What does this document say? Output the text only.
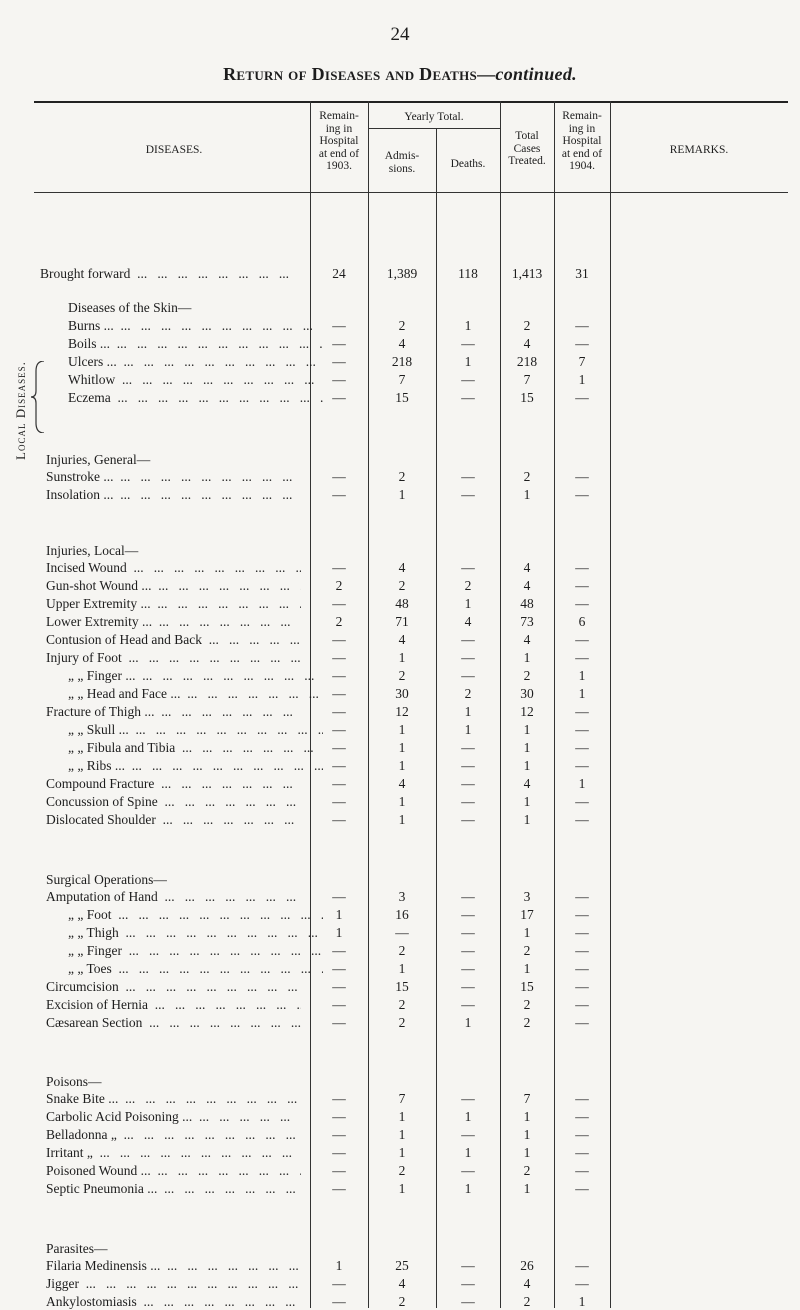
24
Return of Diseases and Deaths—continued.
DISEASES.
Remain-
ing in
Hospital
at end of
1903.
Yearly Total.
Admis-
sions.	Deaths.
Total
Cases
Treated.
Remain-
ing in
Hospital
at end of
1904.
REMARKS.
Local Diseases.
Brought forward ...	24	1,389	118	1,413	31
Diseases of the Skin—
Burns ... ...	—	2	1	2	—
Boils ... ...	—	4	—	4	—
Ulcers ... ...	—	218	1	218	7
Whitlow ...	—	7	—	7	1
Eczema ...	—	15	—	15	—
Injuries, General—
Sunstroke ... ...	—	2	—	2	—
Insolation ... ...	—	1	—	1	—
Injuries, Local—
Incised Wound ...	—	4	—	4	—
Gun-shot Wound ... ...	2	2	2	4	—
Upper Extremity ... ...	—	48	1	48	—
Lower Extremity ... ...	2	71	4	73	6
Contusion of Head and Back ...	—	4	—	4	—
Injury of Foot ...	—	1	—	1	—
„ „ Finger ... ...	—	2	—	2	1
„ „ Head and Face ... ...	—	30	2	30	1
Fracture of Thigh ... ...	—	12	1	12	—
„ „ Skull ... ...	—	1	1	1	—
„ „ Fibula and Tibia ...	—	1	—	1	—
„ „ Ribs ... ...	—	1	—	1	—
Compound Fracture ...	—	4	—	4	1
Concussion of Spine ...	—	1	—	1	—
Dislocated Shoulder ...	—	1	—	1	—
Surgical Operations—
Amputation of Hand ...	—	3	—	3	—
„ „ Foot ...	1	16	—	17	—
„ „ Thigh ...	1	—	—	1	—
„ „ Finger ...	—	2	—	2	—
„ „ Toes ...	—	1	—	1	—
Circumcision ...	—	15	—	15	—
Excision of Hernia ...	—	2	—	2	—
Cæsarean Section ...	—	2	1	2	—
Poisons—
Snake Bite ... ...	—	7	—	7	—
Carbolic Acid Poisoning ... ...	—	1	1	1	—
Belladonna „ ...	—	1	—	1	—
Irritant „ ...	—	1	1	1	—
Poisoned Wound ... ...	—	2	—	2	—
Septic Pneumonia ... ...	—	1	1	1	—
Parasites—
Filaria Medinensis ... ...	1	25	—	26	—
Jigger ...	—	4	—	4	—
Ankylostomiasis ...	—	2	—	2	1
